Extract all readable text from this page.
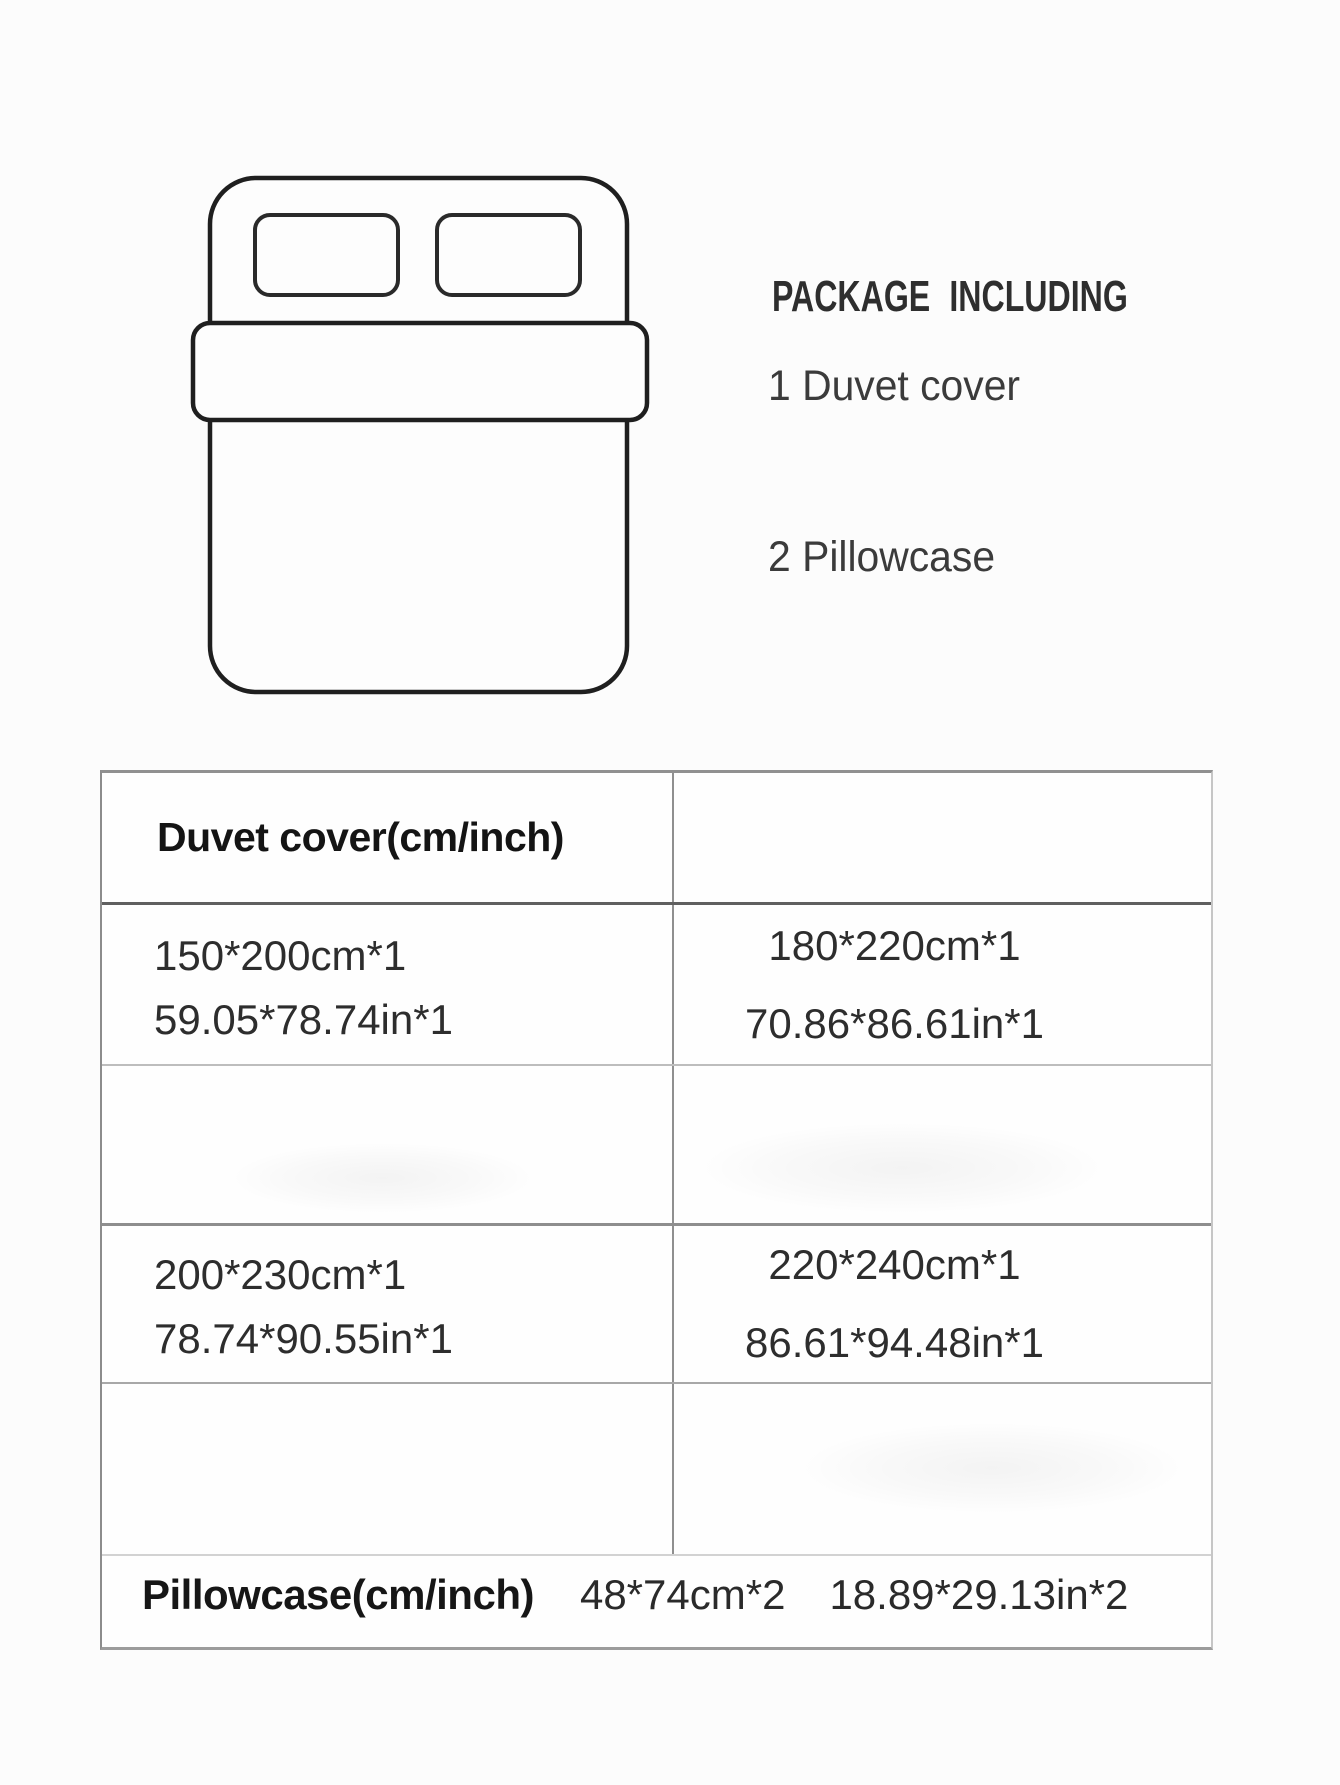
PACKAGE INCLUDING
1 Duvet cover
2 Pillowcase
Duvet cover(cm/inch)
150*200cm*1
59.05*78.74in*1
180*220cm*1
70.86*86.61in*1
200*230cm*1
78.74*90.55in*1
220*240cm*1
86.61*94.48in*1
Pillowcase(cm/inch) 48*74cm*2 18.89*29.13in*2
